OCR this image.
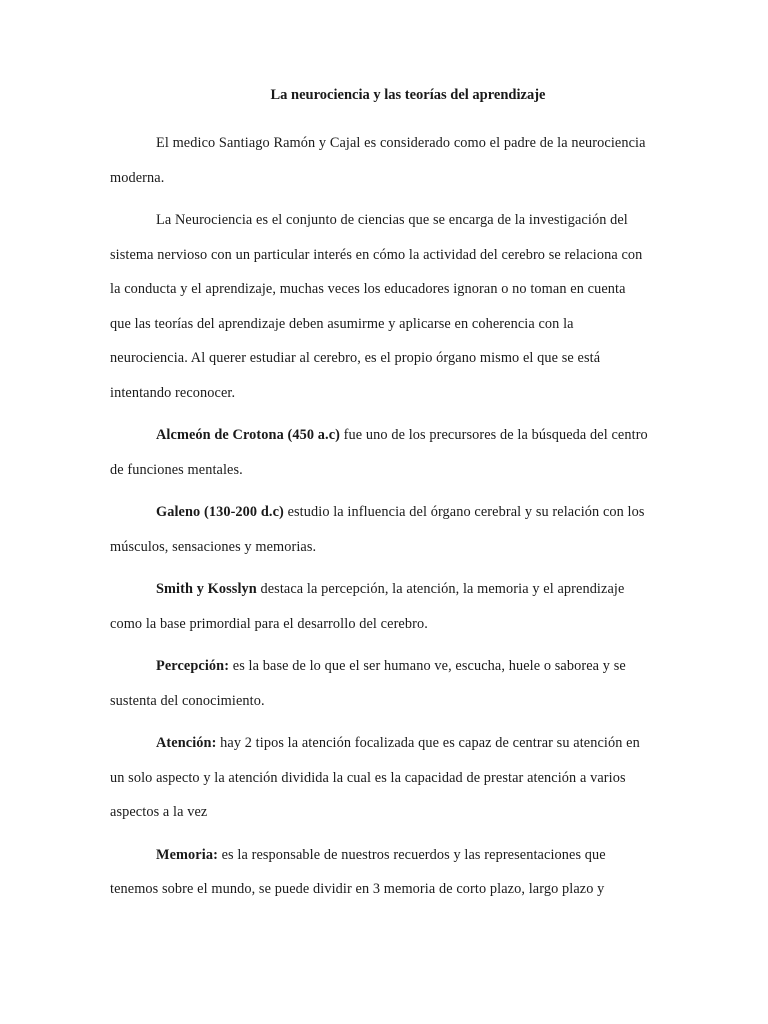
La neurociencia y las teorías del aprendizaje

El medico Santiago Ramón y Cajal es considerado como el padre de la neurociencia moderna.

La Neurociencia es el conjunto de ciencias que se encarga de la investigación del sistema nervioso con un particular interés en cómo la actividad del cerebro se relaciona con la conducta y el aprendizaje, muchas veces los educadores ignoran o no toman en cuenta que las teorías del aprendizaje deben asumirme y aplicarse en coherencia con la neurociencia. Al querer estudiar al cerebro, es el propio órgano mismo el que se está intentando reconocer.

Alcmeón de Crotona (450 a.c) fue uno de los precursores de la búsqueda del centro de funciones mentales.

Galeno (130-200 d.c) estudio la influencia del órgano cerebral y su relación con los músculos, sensaciones y memorias.

Smith y Kosslyn destaca la percepción, la atención, la memoria y el aprendizaje como la base primordial para el desarrollo del cerebro.

Percepción: es la base de lo que el ser humano ve, escucha, huele o saborea y se sustenta del conocimiento.

Atención: hay 2 tipos la atención focalizada que es capaz de centrar su atención en un solo aspecto y la atención dividida la cual es la capacidad de prestar atención a varios aspectos a la vez

Memoria: es la responsable de nuestros recuerdos y las representaciones que tenemos sobre el mundo, se puede dividir en 3 memoria de corto plazo, largo plazo y
